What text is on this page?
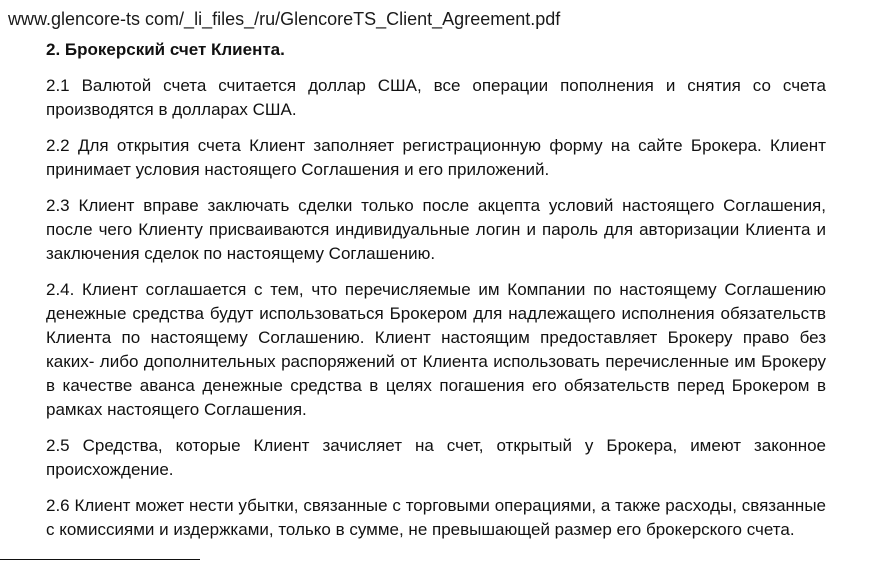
www.glencore-ts com/_li_files_/ru/GlencoreTS_Client_Agreement.pdf
2. Брокерский счет Клиента.

2.1 Валютой счета считается доллар США, все операции пополнения и снятия со счета производятся в долларах США.

2.2 Для открытия счета Клиент заполняет регистрационную форму на сайте Брокера. Клиент принимает условия настоящего Соглашения и его приложений.

2.3 Клиент вправе заключать сделки только после акцепта условий настоящего Соглашения, после чего Клиенту присваиваются индивидуальные логин и пароль для авторизации Клиента и заключения сделок по настоящему Соглашению.

2.4. Клиент соглашается с тем, что перечисляемые им Компании по настоящему Соглашению денежные средства будут использоваться Брокером для надлежащего исполнения обязательств Клиента по настоящему Соглашению. Клиент настоящим предоставляет Брокеру право без каких- либо дополнительных распоряжений от Клиента использовать перечисленные им Брокеру в качестве аванса денежные средства в целях погашения его обязательств перед Брокером в рамках настоящего Соглашения.

2.5 Средства, которые Клиент зачисляет на счет, открытый у Брокера, имеют законное происхождение.

2.6 Клиент может нести убытки, связанные с торговыми операциями, а также расходы, связанные с комиссиями и издержками, только в сумме, не превышающей размер его брокерского счета.
